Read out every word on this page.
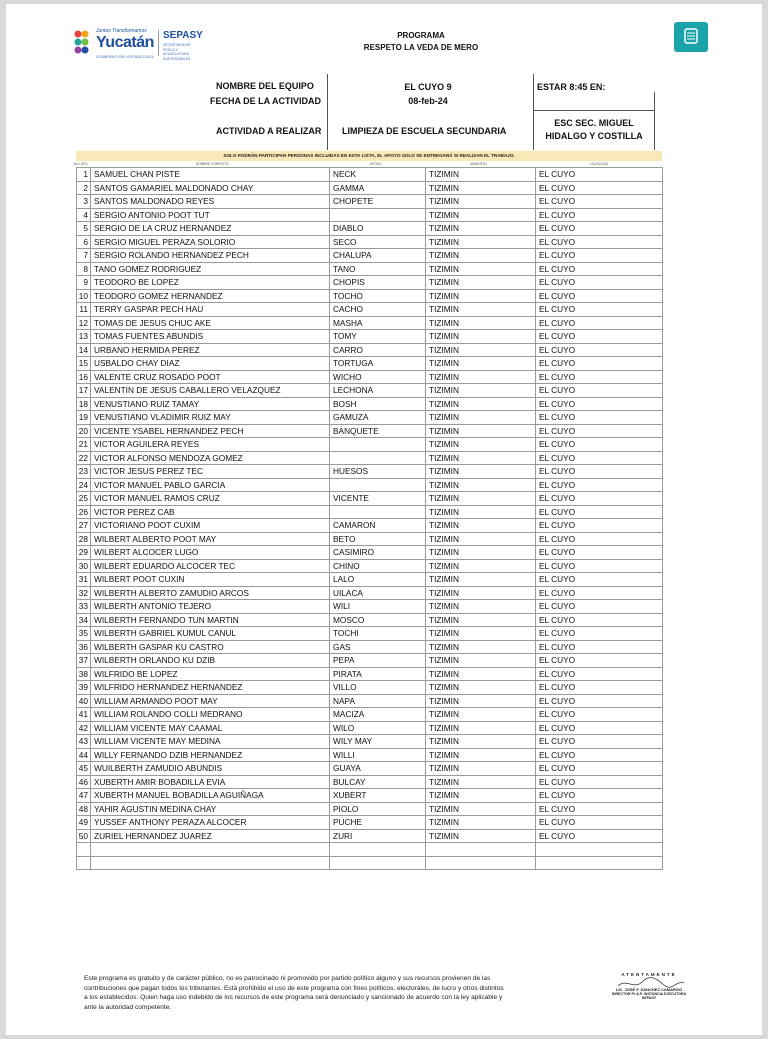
Juntos Transformamos
Yucatán
GOBIERNO DEL ESTADO 2024
SEPASY
SECRETARÍA DE PESCA Y ACUACULTURA SUSTENTABLES
PROGRAMA
RESPETO LA VEDA DE MERO
NOMBRE DEL EQUIPO
FECHA DE LA ACTIVIDAD
ACTIVIDAD A REALIZAR
EL CUYO 9
08-feb-24
LIMPIEZA DE ESCUELA SECUNDARIA
ESTAR 8:45 EN:
ESC SEC. MIGUEL
HIDALGO Y COSTILLA
SOLO PODRÁN PARTICIPAR PERSONAS INCLUIDAS EN ESTA LISTA, EL APOYO SOLO SE ENTREGARÁ SI REALIZAN EL TRABAJO.
No.LISTA	NOMBRE COMPLETO	APODO	MUNICIPIO	LOCALIDAD
1	SAMUEL CHAN PISTE	NECK	TIZIMIN	EL CUYO
2	SANTOS GAMARIEL MALDONADO CHAY	GAMMA	TIZIMIN	EL CUYO
3	SANTOS MALDONADO REYES	CHOPETE	TIZIMIN	EL CUYO
4	SERGIO ANTONIO POOT TUT		TIZIMIN	EL CUYO
5	SERGIO DE LA CRUZ HERNANDEZ	DIABLO	TIZIMIN	EL CUYO
6	SERGIO MIGUEL PERAZA SOLORIO	SECO	TIZIMIN	EL CUYO
7	SERGIO ROLANDO HERNANDEZ PECH	CHALUPA	TIZIMIN	EL CUYO
8	TANO GOMEZ RODRIGUEZ	TANO	TIZIMIN	EL CUYO
9	TEODORO BE LOPEZ	CHOPIS	TIZIMIN	EL CUYO
10	TEODORO GOMEZ HERNANDEZ	TOCHO	TIZIMIN	EL CUYO
11	TERRY GASPAR PECH HAU	CACHO	TIZIMIN	EL CUYO
12	TOMAS DE JESUS CHUC AKE	MASHA	TIZIMIN	EL CUYO
13	TOMAS FUENTES ABUNDIS	TOMY	TIZIMIN	EL CUYO
14	URBANO HERMIDA PEREZ	CARRO	TIZIMIN	EL CUYO
15	USBALDO CHAY DIAZ	TORTUGA	TIZIMIN	EL CUYO
16	VALENTE CRUZ ROSADO POOT	WICHO	TIZIMIN	EL CUYO
17	VALENTIN DE JESUS CABALLERO VELAZQUEZ	LECHONA	TIZIMIN	EL CUYO
18	VENUSTIANO RUIZ TAMAY	BOSH	TIZIMIN	EL CUYO
19	VENUSTIANO VLADIMIR RUIZ MAY	GAMUZA	TIZIMIN	EL CUYO
20	VICENTE YSABEL HERNANDEZ PECH	BANQUETE	TIZIMIN	EL CUYO
21	VICTOR AGUILERA REYES		TIZIMIN	EL CUYO
22	VICTOR ALFONSO MENDOZA GOMEZ		TIZIMIN	EL CUYO
23	VICTOR JESUS PEREZ TEC	HUESOS	TIZIMIN	EL CUYO
24	VICTOR MANUEL PABLO GARCIA		TIZIMIN	EL CUYO
25	VICTOR MANUEL RAMOS CRUZ	VICENTE	TIZIMIN	EL CUYO
26	VICTOR PEREZ CAB		TIZIMIN	EL CUYO
27	VICTORIANO POOT CUXIM	CAMARON	TIZIMIN	EL CUYO
28	WILBERT ALBERTO POOT MAY	BETO	TIZIMIN	EL CUYO
29	WILBERT ALCOCER LUGO	CASIMIRO	TIZIMIN	EL CUYO
30	WILBERT EDUARDO ALCOCER TEC	CHINO	TIZIMIN	EL CUYO
31	WILBERT POOT CUXIN	LALO	TIZIMIN	EL CUYO
32	WILBERTH ALBERTO ZAMUDIO ARCOS	UILACA	TIZIMIN	EL CUYO
33	WILBERTH ANTONIO TEJERO	WILI	TIZIMIN	EL CUYO
34	WILBERTH FERNANDO TUN MARTIN	MOSCO	TIZIMIN	EL CUYO
35	WILBERTH GABRIEL KUMUL CANUL	TOCHI	TIZIMIN	EL CUYO
36	WILBERTH GASPAR KU CASTRO	GAS	TIZIMIN	EL CUYO
37	WILBERTH ORLANDO KU DZIB	PEPA	TIZIMIN	EL CUYO
38	WILFRIDO BE LOPEZ	PIRATA	TIZIMIN	EL CUYO
39	WILFRIDO HERNANDEZ HERNANDEZ	VILLO	TIZIMIN	EL CUYO
40	WILLIAM ARMANDO POOT MAY	NAPA	TIZIMIN	EL CUYO
41	WILLIAM ROLANDO COLLI MEDRANO	MACIZA	TIZIMIN	EL CUYO
42	WILLIAM VICENTE MAY CAAMAL	WILO	TIZIMIN	EL CUYO
43	WILLIAM VICENTE MAY MEDINA	WILY MAY	TIZIMIN	EL CUYO
44	WILLY FERNANDO DZIB HERNANDEZ	WILLI	TIZIMIN	EL CUYO
45	WUILBERTH ZAMUDIO ABUNDIS	GUAYA	TIZIMIN	EL CUYO
46	XUBERTH AMIR BOBADILLA EVIA	BULCAY	TIZIMIN	EL CUYO
47	XUBERTH MANUEL BOBADILLA AGUIÑAGA	XUBERT	TIZIMIN	EL CUYO
48	YAHIR AGUSTIN MEDINA CHAY	PIOLO	TIZIMIN	EL CUYO
49	YUSSEF ANTHONY PERAZA ALCOCER	PUCHE	TIZIMIN	EL CUYO
50	ZURIEL HERNANDEZ JUAREZ	ZURI	TIZIMIN	EL CUYO

Este programa es gratuito y de carácter público, no es patrocinado ni promovido por partido político alguno y sus recursos provienen de las contribuciones que pagan todos los tributantes. Está prohibido el uso de este programa con fines políticos, electorales, de lucro y otros distintos a los establecidos. Quien haga uso indebido de los recursos de este programa será denunciado y sancionado de acuerdo con la ley aplicable y ante la autoridad competente.
ATENTAMENTE
LIC. JOSÉ F. SÁNCHEZ CAMARGO
DIRECTOR P.I.A.P. INSTANCIA EJECUTORA
SEPASY
